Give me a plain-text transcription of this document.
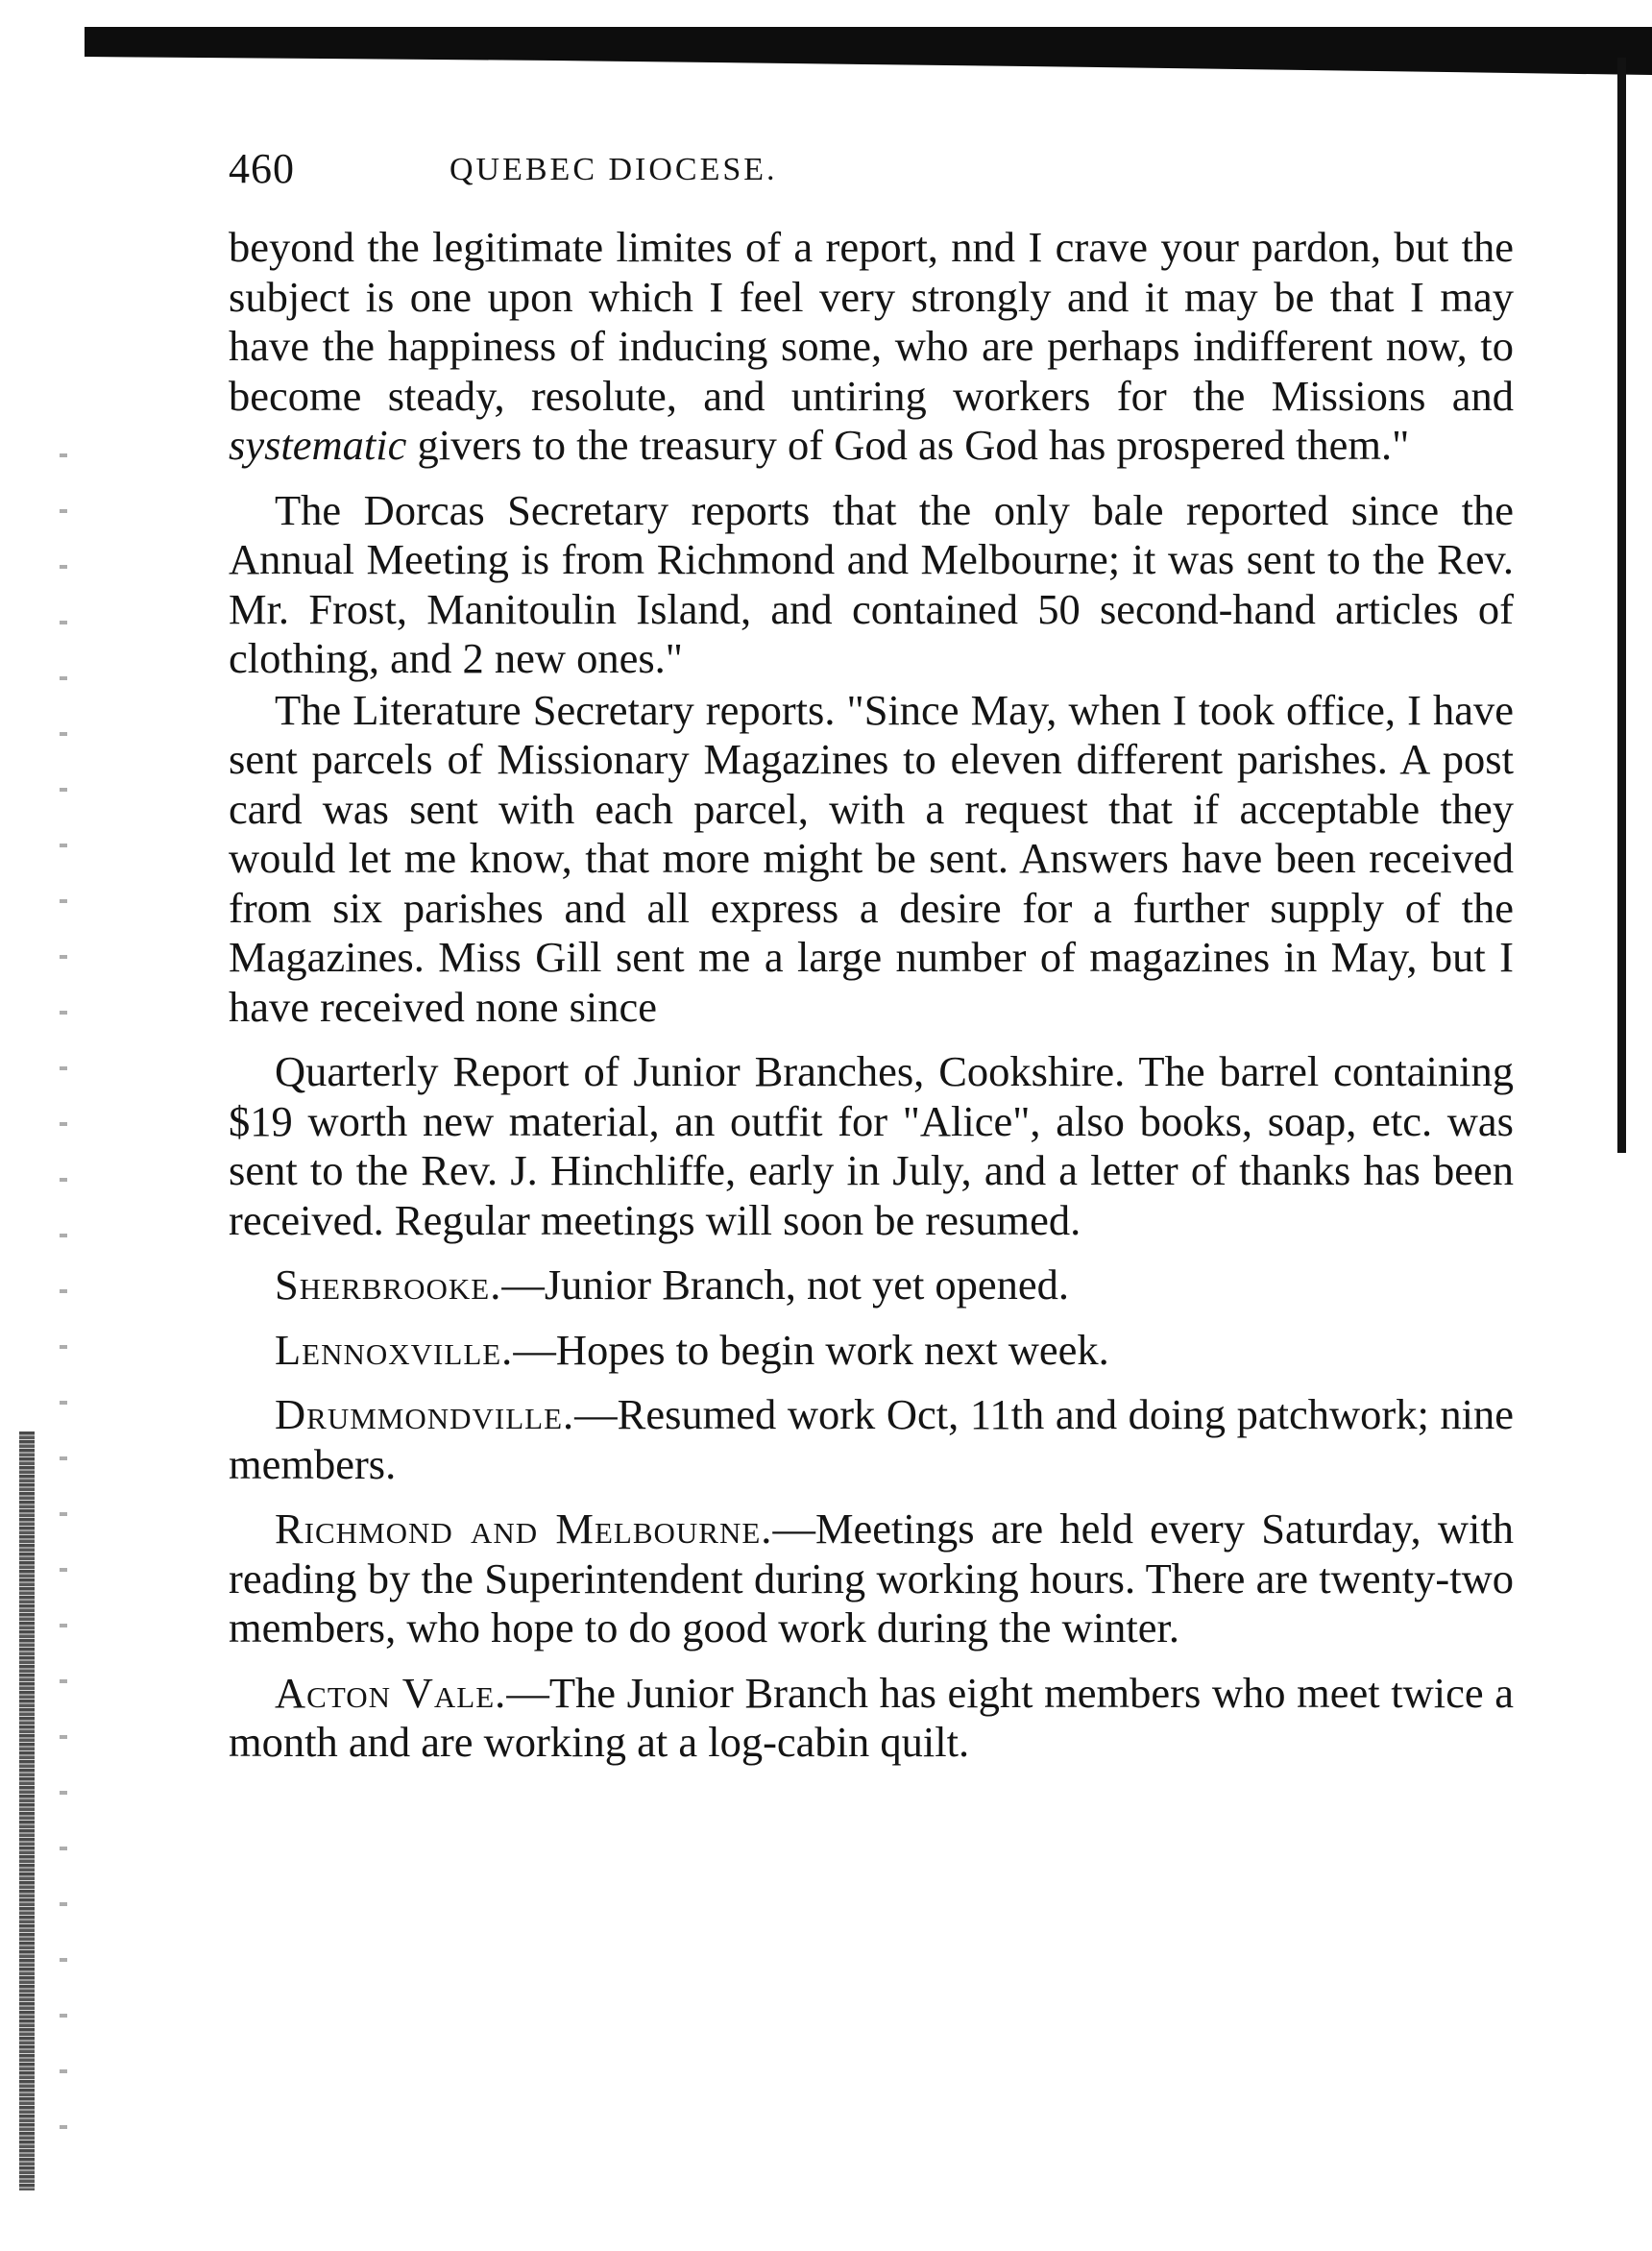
460	QUEBEC DIOCESE.

beyond the legitimate limites of a report, nnd I crave your pardon, but the subject is one upon which I feel very strongly and it may be that I may have the happiness of inducing some, who are perhaps indifferent now, to become steady, resolute, and untiring workers for the Missions and systematic givers to the treasury of God as God has prospered them."

The Dorcas Secretary reports that the only bale reported since the Annual Meeting is from Richmond and Melbourne; it was sent to the Rev. Mr. Frost, Manitoulin Island, and contained 50 second-hand articles of clothing, and 2 new ones."

The Literature Secretary reports. "Since May, when I took office, I have sent parcels of Missionary Magazines to eleven different parishes. A post card was sent with each parcel, with a request that if acceptable they would let me know, that more might be sent. Answers have been received from six parishes and all express a desire for a further supply of the Magazines. Miss Gill sent me a large number of magazines in May, but I have received none since

Quarterly Report of Junior Branches, Cookshire. The barrel containing $19 worth new material, an outfit for "Alice", also books, soap, etc. was sent to the Rev. J. Hinchliffe, early in July, and a letter of thanks has been received. Regular meetings will soon be resumed.

Sherbrooke.—Junior Branch, not yet opened.

Lennoxville.—Hopes to begin work next week.

Drummondville.—Resumed work Oct, 11th and doing patchwork; nine members.

Richmond and Melbourne.—Meetings are held every Saturday, with reading by the Superintendent during working hours. There are twenty-two members, who hope to do good work during the winter.

Acton Vale.—The Junior Branch has eight members who meet twice a month and are working at a log-cabin quilt.
